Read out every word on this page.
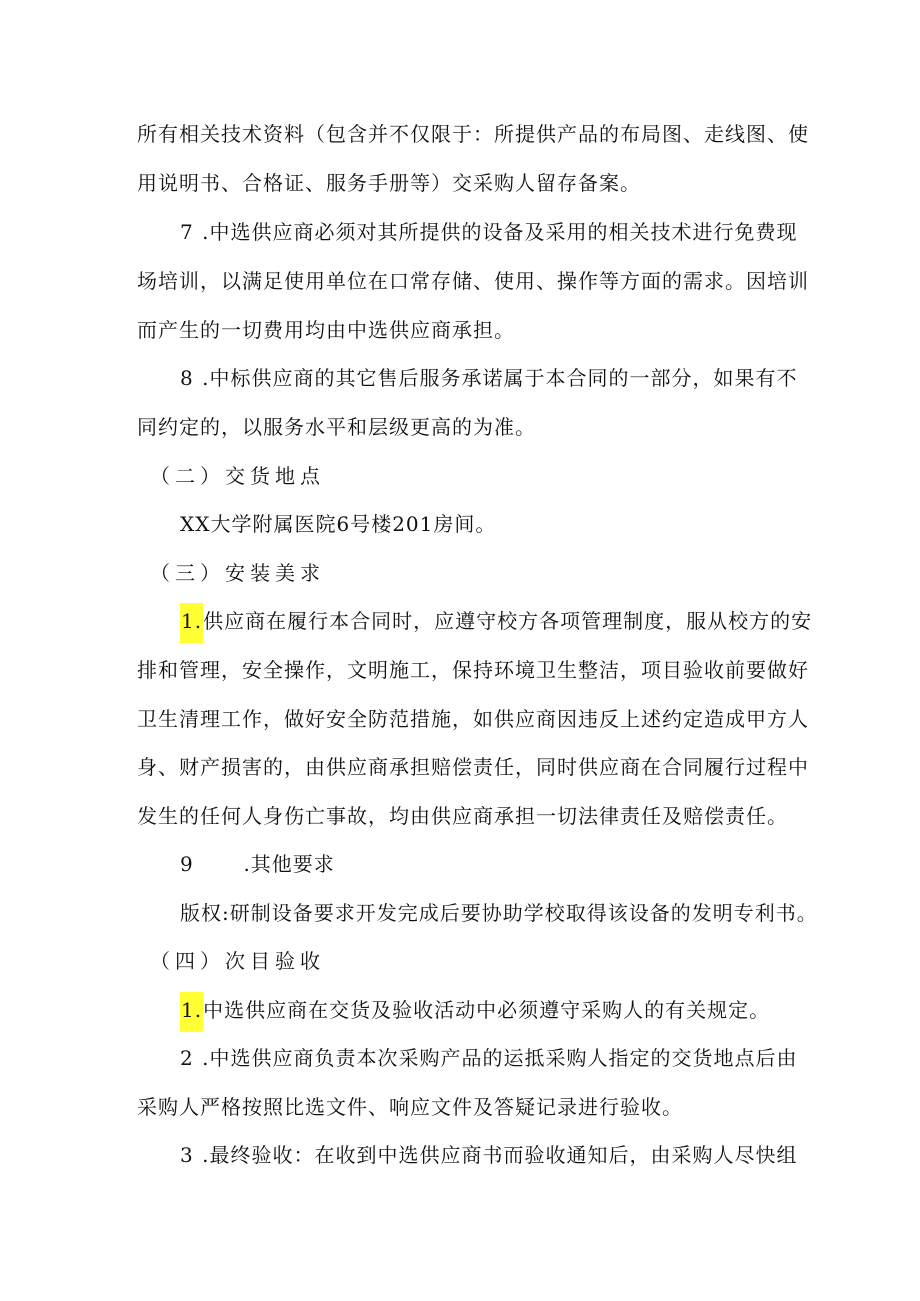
所有相关技术资料（包含并不仅限于：所提供产品的布局图、走线图、使
用说明书、合格证、服务手册等）交采购人留存备案。
7 .中选供应商必须对其所提供的设备及采用的相关技术进行免费现
场培训，以满足使用单位在口常存储、使用、操作等方面的需求。因培训
而产生的一切费用均由中选供应商承担。
8 .中标供应商的其它售后服务承诺属于本合同的一部分，如果有不
同约定的，以服务水平和层级更高的为准。
（二）交货地点
XX大学附属医院6号楼201房间。
（三）安装美求
1.供应商在履行本合同时，应遵守校方各项管理制度，服从校方的安
排和管理，安全操作，文明施工，保持环境卫生整洁，项目验收前要做好
卫生清理工作，做好安全防范措施，如供应商因违反上述约定造成甲方人
身、财产损害的，由供应商承担赔偿责任，同时供应商在合同履行过程中
发生的任何人身伤亡事故，均由供应商承担一切法律责任及赔偿责任。
9 .其他要求
版权:研制设备要求开发完成后要协助学校取得该设备的发明专利书。
（四）次目验收
1.中选供应商在交货及验收活动中必须遵守采购人的有关规定。
2 .中选供应商负责本次采购产品的运抵采购人指定的交货地点后由
采购人严格按照比选文件、响应文件及答疑记录进行验收。
3 .最终验收：在收到中选供应商书而验收通知后，由采购人尽快组
